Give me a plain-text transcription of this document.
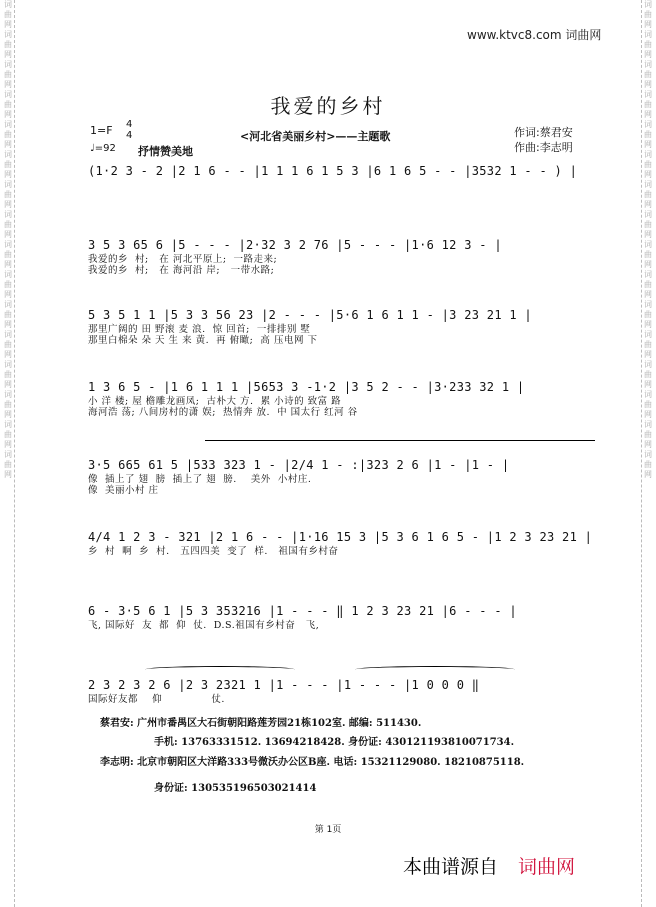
词曲网词曲网词曲网词曲网词曲网词曲网词曲网词曲网词曲网词曲网词曲网词曲网词曲网词曲网词曲网词曲网
词曲网词曲网词曲网词曲网词曲网词曲网词曲网词曲网词曲网词曲网词曲网词曲网词曲网词曲网词曲网词曲网
www.ktvc8.com 词曲网
我爱的乡村
1=F 4
4
♩=92 抒情赞美地
<河北省美丽乡村>——主题歌	作词:蔡君安
作曲:李志明
(1·2 3 - 2 |2 1 6 - - |1 1 1 6 1 5 3 |6 1 6 5 - - |3532 1 - - ) |
3 5 3 65 6 |5 - - - |2·32 3 2 76 |5 - - - |1·6 12 3 - |
我爱的乡  村;   在 河北平原上;  一路走来;
我爱的乡  村;   在 海河沿 岸;   一带水路;
5 3 5 1 1 |5 3 3 56 23 |2 - - - |5·6 1 6 1 1 - |3 23 21 1 |
那里广阔的 田 野滚 麦 浪.  惊 回首;  一排排别 墅
那里白棉朵 朵 天 生 来 黄.  再 俯瞰;  高 压电网 下
1 3 6 5 - |1 6 1 1 1 |5653 3 -1·2 |3 5 2 - - |3·233 32 1 |
小 洋 楼; 屋 檐雕龙画凤;  古朴大 方.  累 小诗的 致富 路
海河浩 荡; 八间房村的潇 娱;  热情奔 放.  中 国太行 红河 谷
3·5 665 61 5 |533 323 1 - |2/4 1 - :|323 2 6 |1 - |1 - |
像  插上了 翅  膀  插上了 翅  膀.    美外  小村庄.
像  美丽小村 庄
4/4 1 2 3 - 321 |2 1 6 - - |1·16 15 3 |5 3 6 1 6 5 - |1 2 3 23 21 |
乡  村  啊  乡  村.   五四四美  变了  样.   祖国有乡村奋
6 - 3·5 6 1 |5 3 353216 |1 - - - ‖ 1 2 3 23 21 |6 - - - |
飞, 国际好  友  都  仰  仗.  D.S.祖国有乡村奋   飞,
2 3 2 3 2 6 |2 3 2321 1 |1 - - - |1 - - - |1 0 0 0 ‖
国际好友都    仰              仗.
蔡君安: 广州市番禺区大石街朝阳路莲芳园21栋102室. 邮编: 511430.
手机: 13763331512. 13694218428. 身份证: 430121193810071734.
李志明: 北京市朝阳区大洋路333号微沃办公区B座. 电话: 15321129080. 18210875118.
身份证: 130535196503021414
第 1页
本曲谱源自 词曲网
